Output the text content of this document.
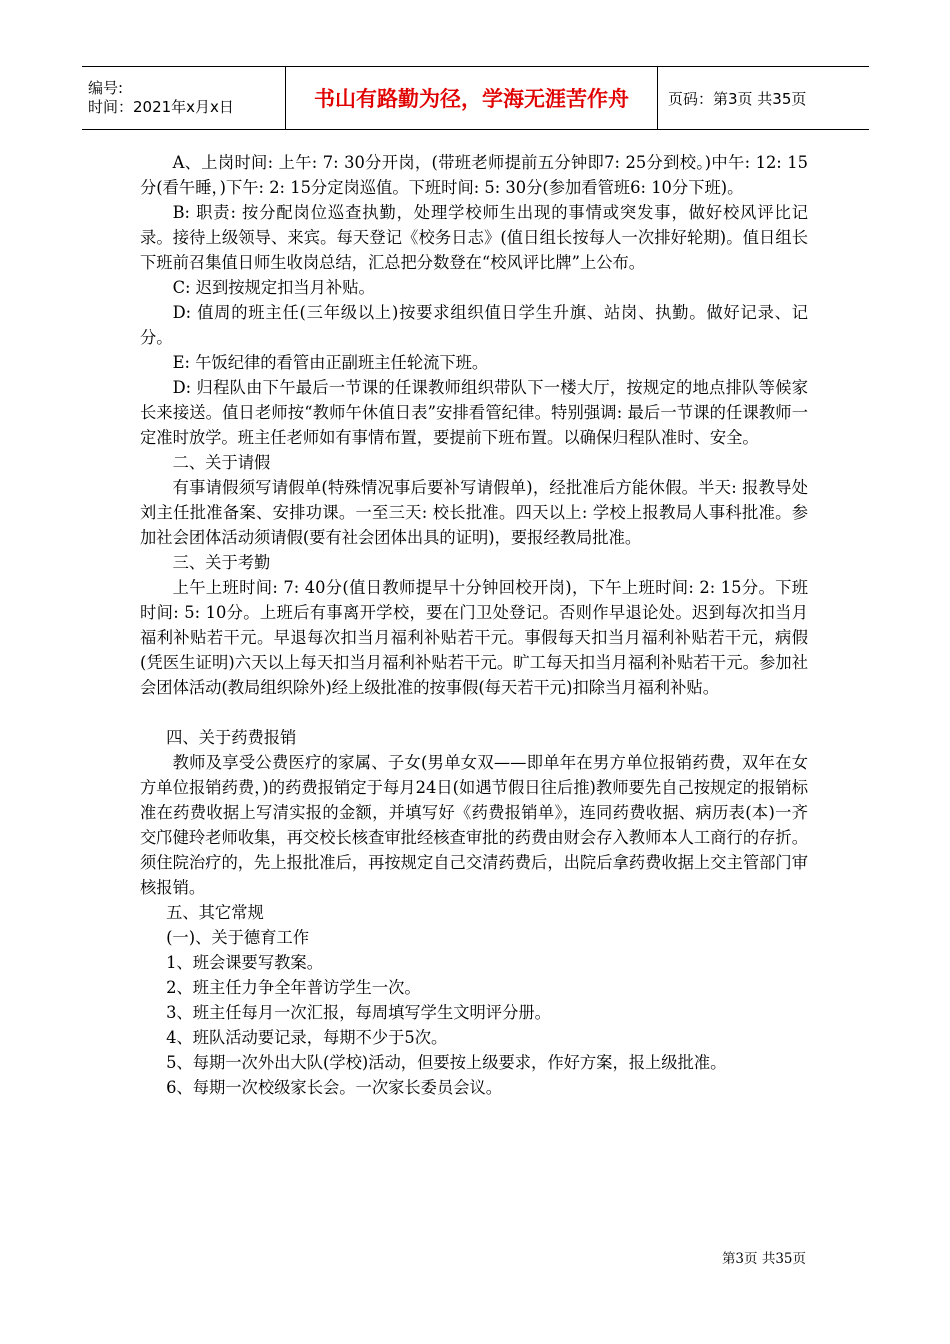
编号:
时间：2021年x月x日	书山有路勤为径，学海无涯苦作舟	页码：第3页 共35页

A、上岗时间: 上午: 7: 30分开岗，(带班老师提前五分钟即7: 25分到校。)中午: 12: 15分(看午睡，)下午: 2: 15分定岗巡值。下班时间: 5: 30分(参加看管班6: 10分下班)。

B: 职责: 按分配岗位巡查执勤，处理学校师生出现的事情或突发事，做好校风评比记录。接待上级领导、来宾。每天登记《校务日志》(值日组长按每人一次排好轮期)。值日组长下班前召集值日师生收岗总结，汇总把分数登在“校风评比牌”上公布。

C: 迟到按规定扣当月补贴。

D: 值周的班主任(三年级以上)按要求组织值日学生升旗、站岗、执勤。做好记录、记分。

E: 午饭纪律的看管由正副班主任轮流下班。

D: 归程队由下午最后一节课的任课教师组织带队下一楼大厅，按规定的地点排队等候家长来接送。值日老师按“教师午休值日表”安排看管纪律。特别强调: 最后一节课的任课教师一定准时放学。班主任老师如有事情布置，要提前下班布置。以确保归程队准时、安全。

二、关于请假

有事请假须写请假单(特殊情况事后要补写请假单)，经批准后方能休假。半天: 报教导处刘主任批准备案、安排功课。一至三天: 校长批准。四天以上: 学校上报教局人事科批准。参加社会团体活动须请假(要有社会团体出具的证明)，要报经教局批准。

三、关于考勤

上午上班时间: 7: 40分(值日教师提早十分钟回校开岗)，下午上班时间: 2: 15分。下班时间: 5: 10分。上班后有事离开学校，要在门卫处登记。否则作早退论处。迟到每次扣当月福利补贴若干元。早退每次扣当月福利补贴若干元。事假每天扣当月福利补贴若干元，病假(凭医生证明)六天以上每天扣当月福利补贴若干元。旷工每天扣当月福利补贴若干元。参加社会团体活动(教局组织除外)经上级批准的按事假(每天若干元)扣除当月福利补贴。

四、关于药费报销

教师及享受公费医疗的家属、子女(男单女双——即单年在男方单位报销药费，双年在女方单位报销药费，)的药费报销定于每月24日(如遇节假日往后推)教师要先自己按规定的报销标准在药费收据上写清实报的金额，并填写好《药费报销单》，连同药费收据、病历表(本)一齐交邝健玲老师收集，再交校长核查审批经核查审批的药费由财会存入教师本人工商行的存折。须住院治疗的，先上报批准后，再按规定自己交清药费后，出院后拿药费收据上交主管部门审核报销。

五、其它常规

(一)、关于德育工作

1、班会课要写教案。

2、班主任力争全年普访学生一次。

3、班主任每月一次汇报，每周填写学生文明评分册。

4、班队活动要记录，每期不少于5次。

5、每期一次外出大队(学校)活动，但要按上级要求，作好方案，报上级批准。

6、每期一次校级家长会。一次家长委员会议。

第3页 共35页
